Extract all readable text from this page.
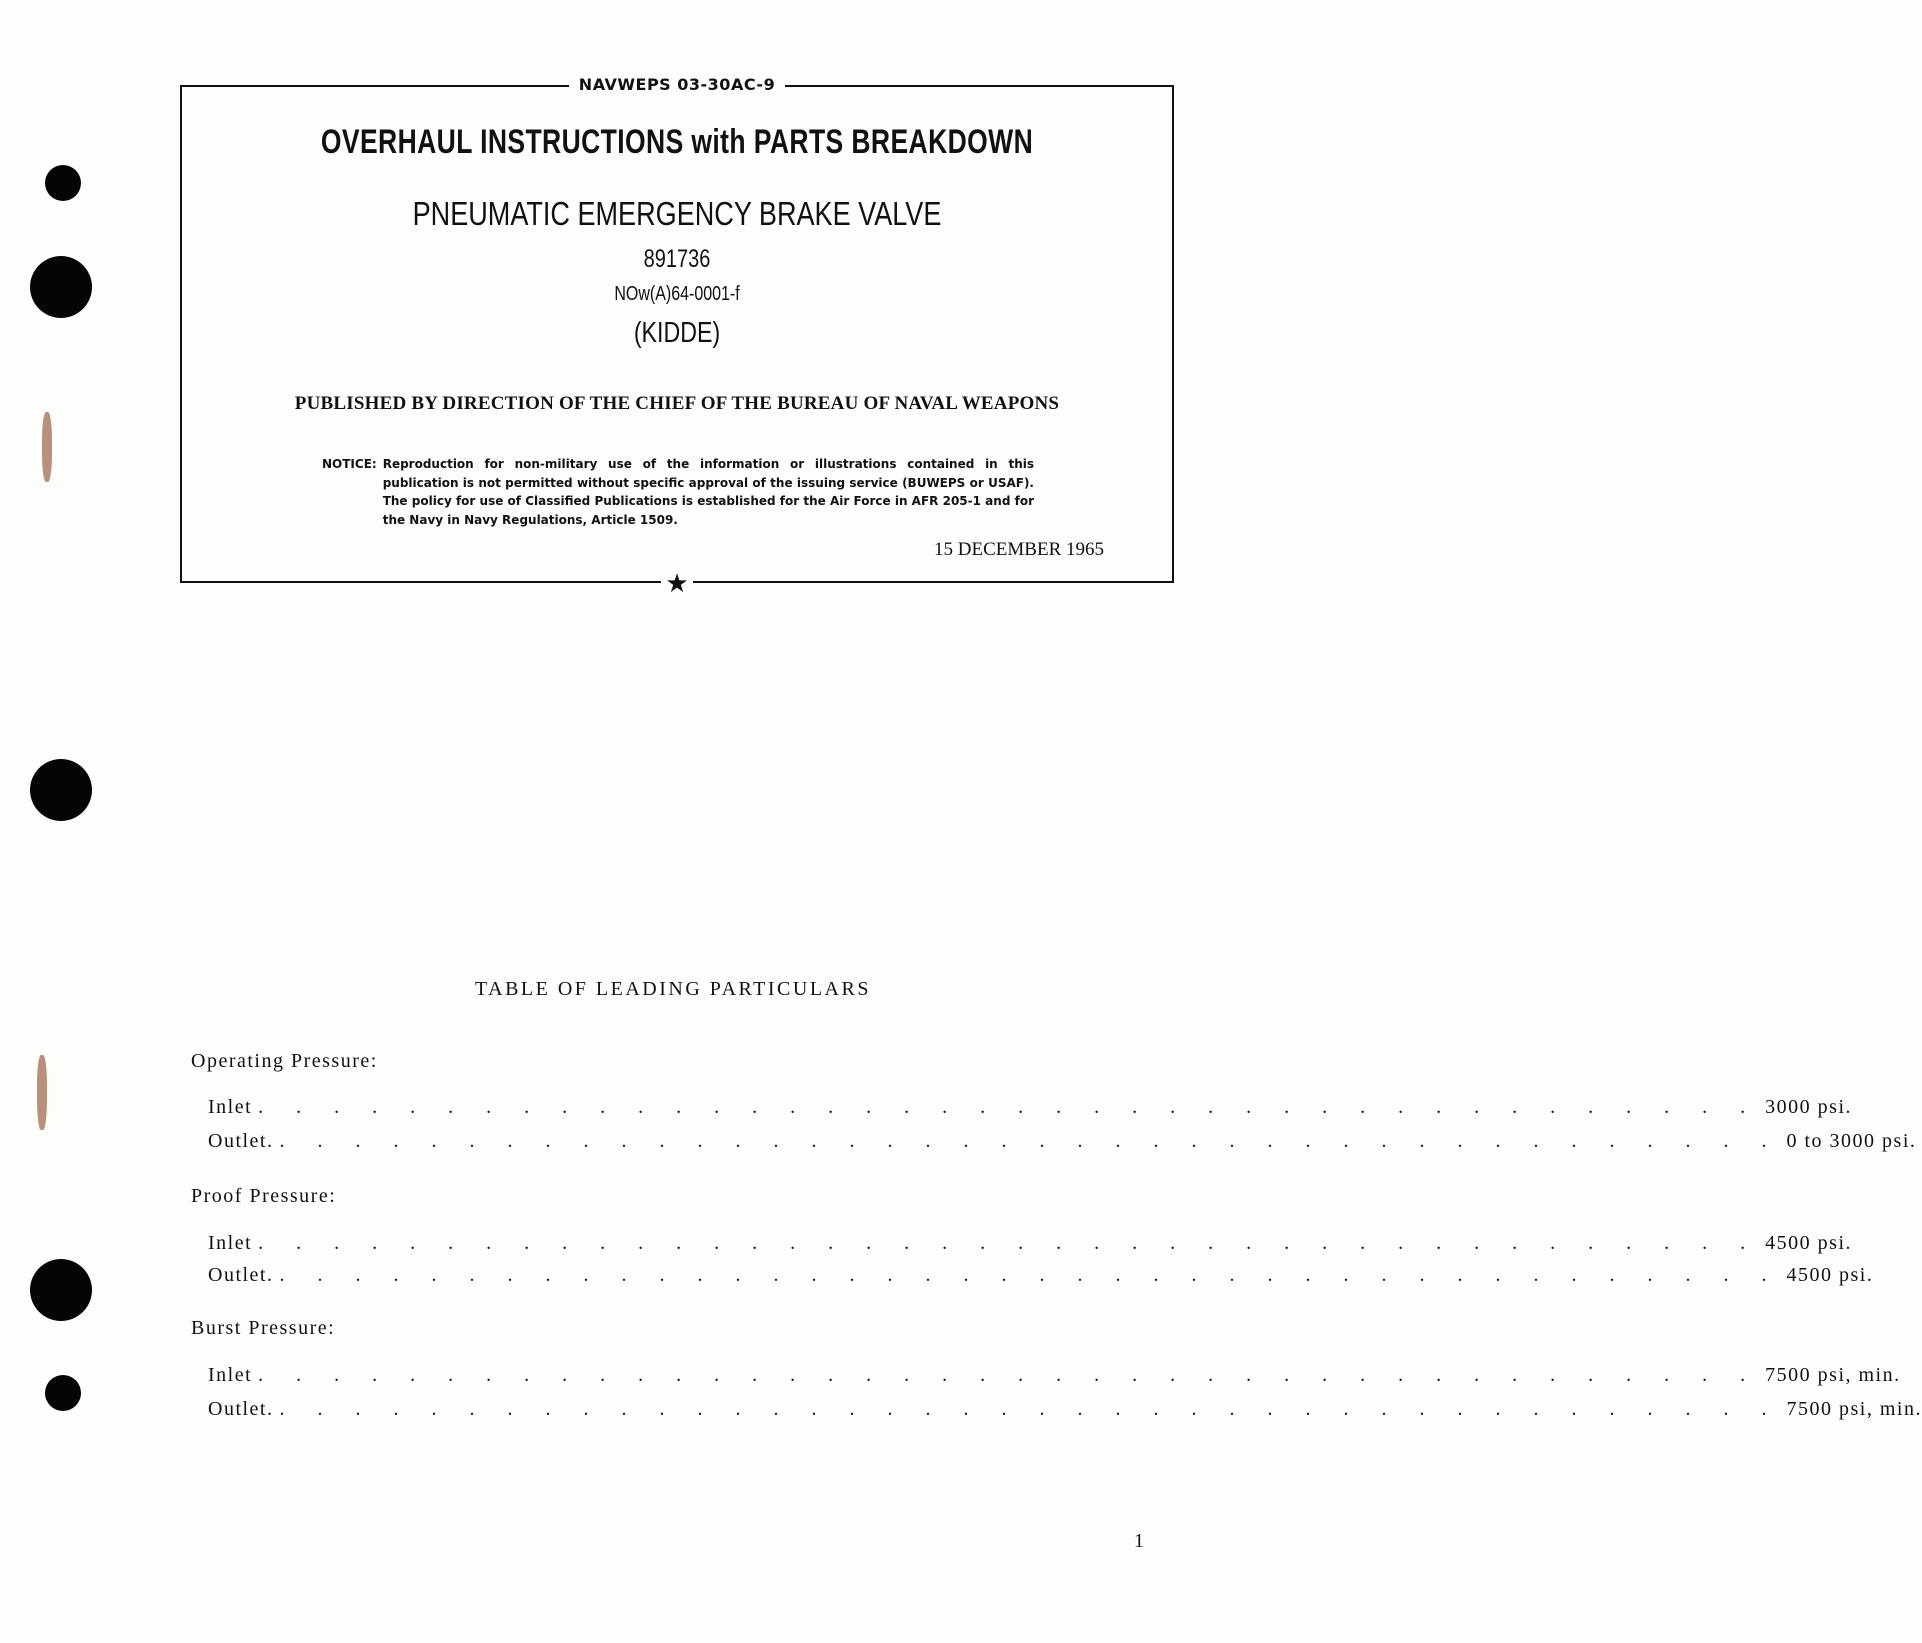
NAVWEPS 03-30AC-9
OVERHAUL INSTRUCTIONS with PARTS BREAKDOWN
PNEUMATIC EMERGENCY BRAKE VALVE
891736
NOw(A)64-0001-f
(KIDDE)
PUBLISHED BY DIRECTION OF THE CHIEF OF THE BUREAU OF NAVAL WEAPONS
NOTICE: Reproduction for non-military use of the information or illustrations contained in this publication is not permitted without specific approval of the issuing service (BUWEPS or USAF). The policy for use of Classified Publications is established for the Air Force in AFR 205-1 and for the Navy in Navy Regulations, Article 1509.
15 DECEMBER 1965
★
TABLE OF LEADING PARTICULARS
Operating Pressure:
Inlet . . . . . . . . . . . . . . . . . . . . . . . . . . . . . . . . . . . . . . . . 3000 psi.
Outlet. . . . . . . . . . . . . . . . . . . . . . . . . . . . . . . . . . . . . . . . . 0 to 3000 psi.
Proof Pressure:
Inlet . . . . . . . . . . . . . . . . . . . . . . . . . . . . . . . . . . . . . . . . 4500 psi.
Outlet. . . . . . . . . . . . . . . . . . . . . . . . . . . . . . . . . . . . . . . . . 4500 psi.
Burst Pressure:
Inlet . . . . . . . . . . . . . . . . . . . . . . . . . . . . . . . . . . . . . . . . 7500 psi, min.
Outlet. . . . . . . . . . . . . . . . . . . . . . . . . . . . . . . . . . . . . . . . . 7500 psi, min.
1
